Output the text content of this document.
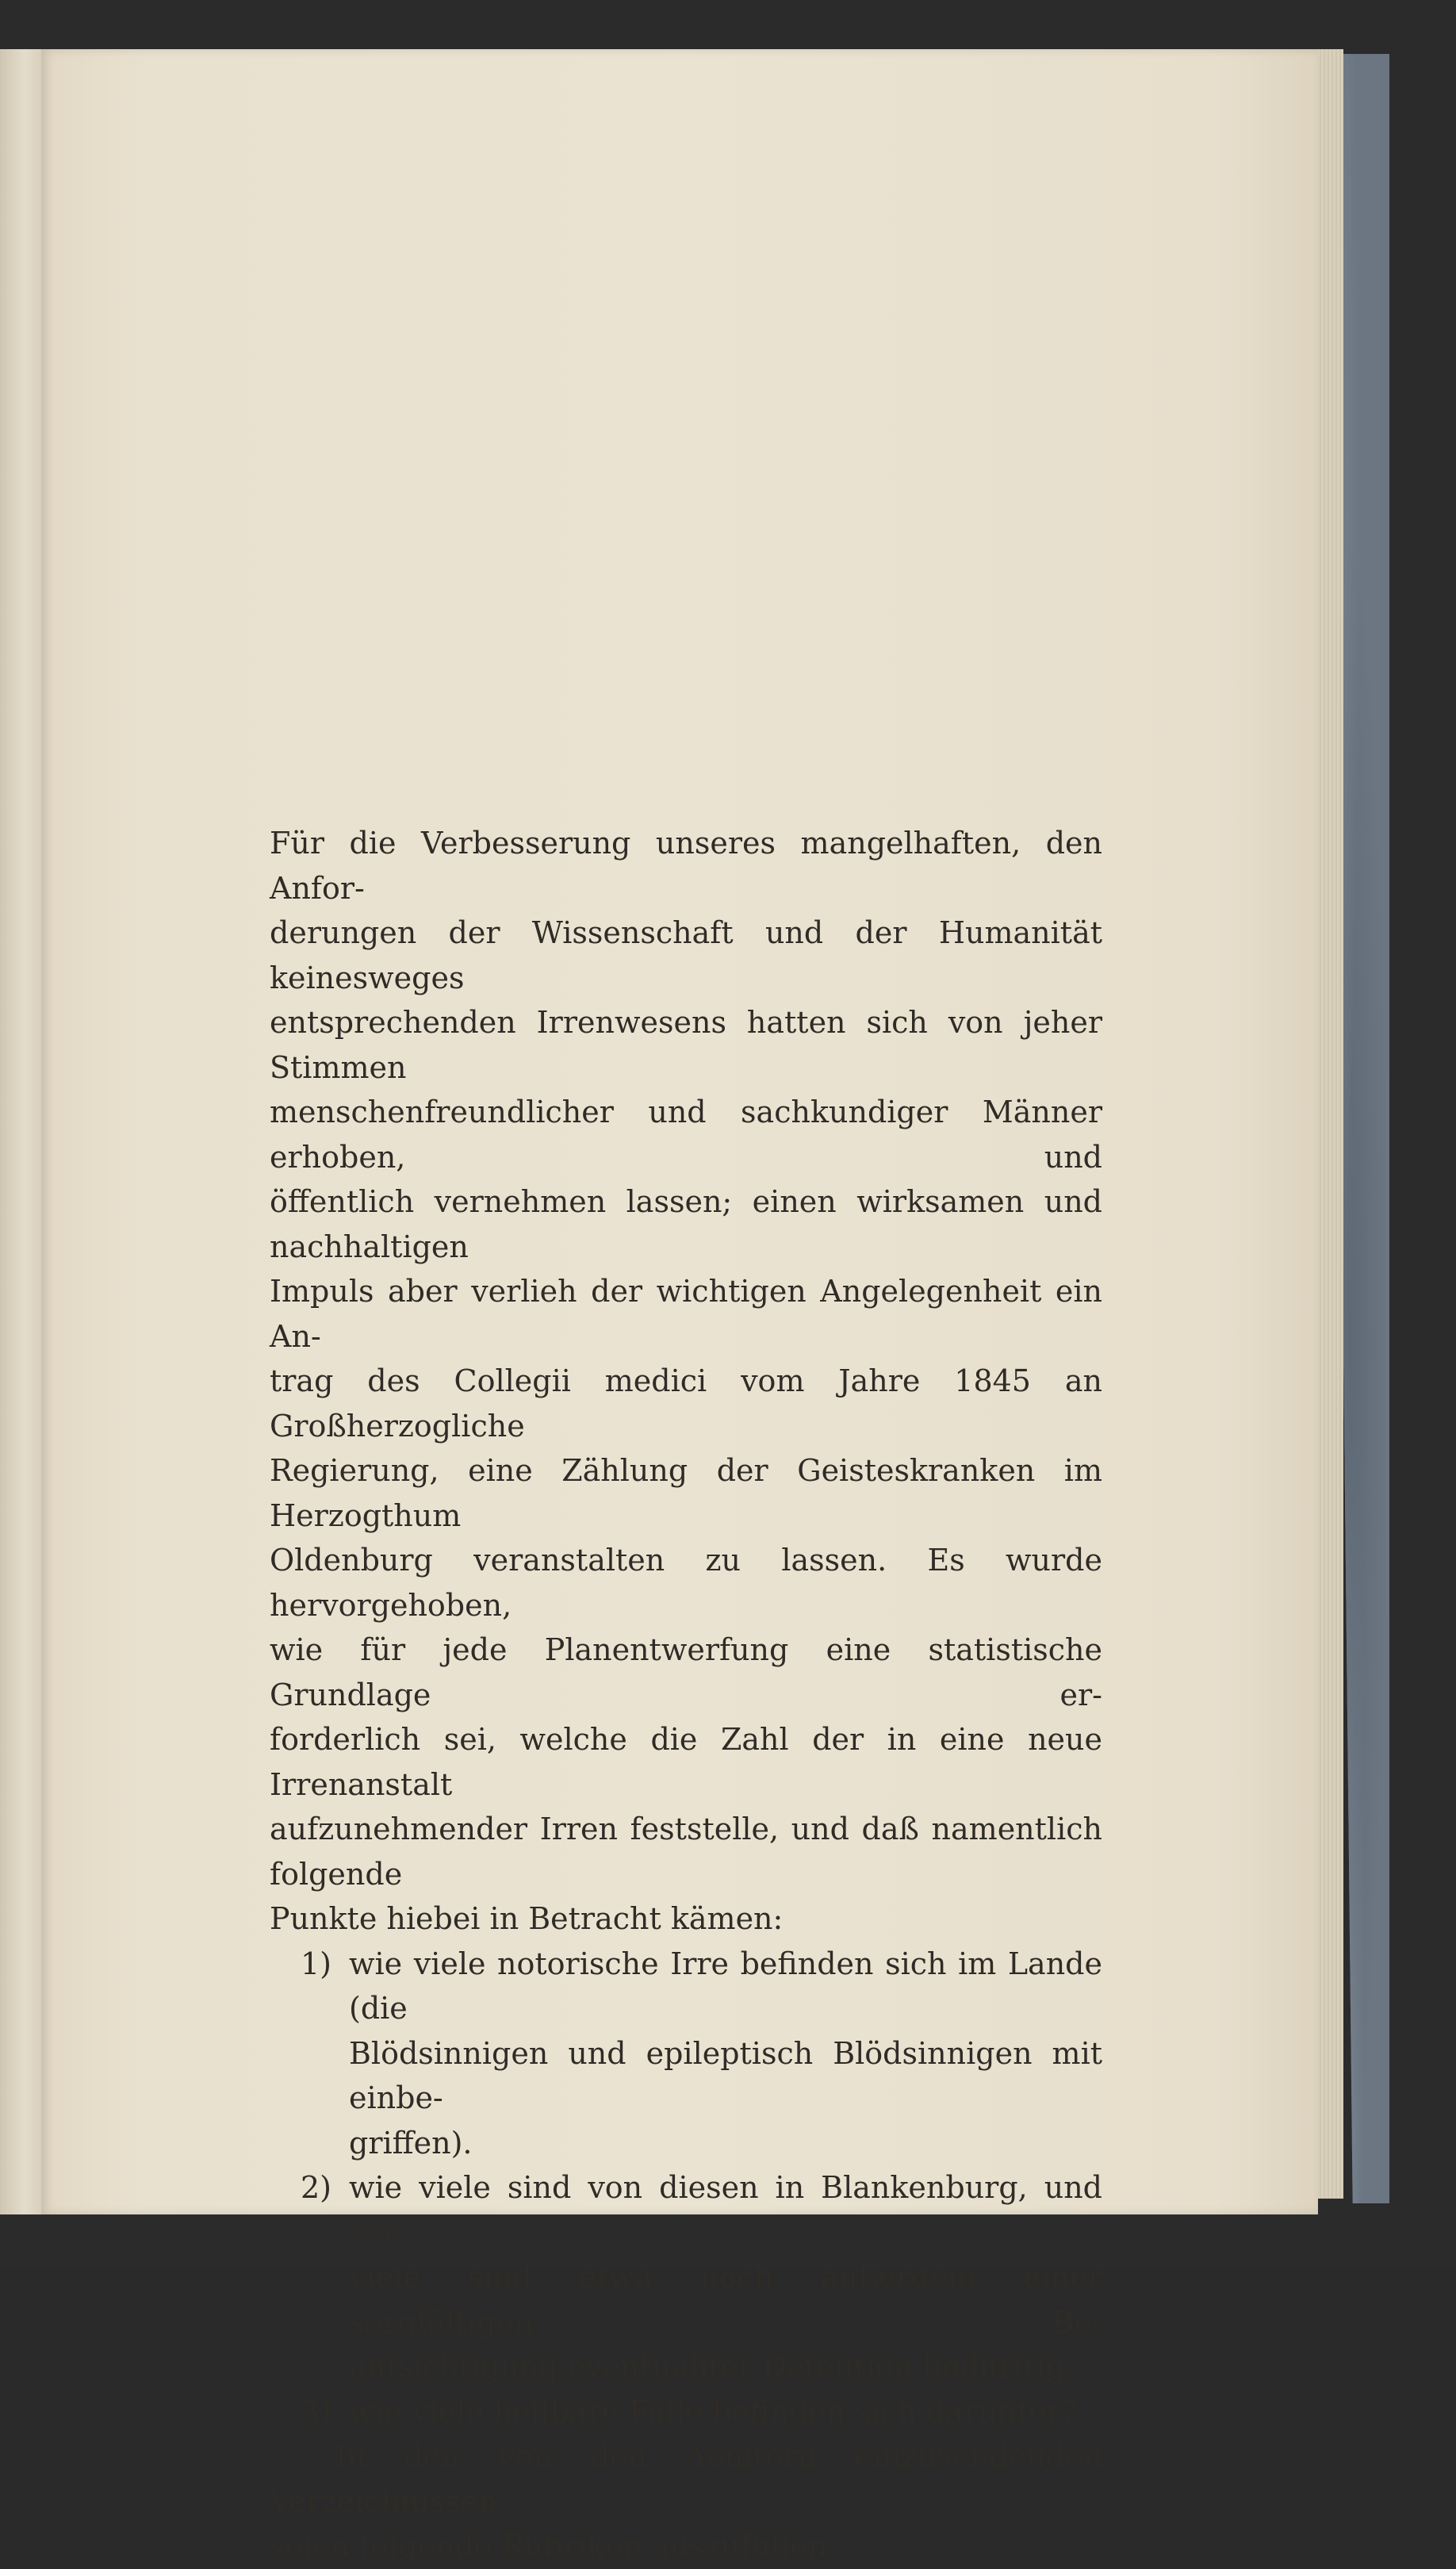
Für die Verbesserung unseres mangelhaften, den Anfor-
derungen der Wissenschaft und der Humanität keinesweges
entsprechenden Irrenwesens hatten sich von jeher Stimmen
menschenfreundlicher und sachkundiger Männer erhoben, und
öffentlich vernehmen lassen; einen wirksamen und nachhaltigen
Impuls aber verlieh der wichtigen Angelegenheit ein An-
trag des Collegii medici vom Jahre 1845 an Großherzogliche
Regierung, eine Zählung der Geisteskranken im Herzogthum
Oldenburg veranstalten zu lassen. Es wurde hervorgehoben,
wie für jede Planentwerfung eine statistische Grundlage er-
forderlich sei, welche die Zahl der in eine neue Irrenanstalt
aufzunehmender Irren feststelle, und daß namentlich folgende
Punkte hiebei in Betracht kämen:
1) wie viele notorische Irre befinden sich im Lande (die
Blödsinnigen und epileptisch Blödsinnigen mit einbe-
griffen).
2) wie viele sind von diesen in Blankenburg, und wie
viele sind etwa noch außerdem einer sorgfältigen Be-
aufsichtigung eventualiter Detention bedürftig,
3) wie viele heilbare Fälle befinden sich darunter?
In den von den Aemtern einzusendenden Verzeichnissen
seien folgende Rubriken auszufüllen:
